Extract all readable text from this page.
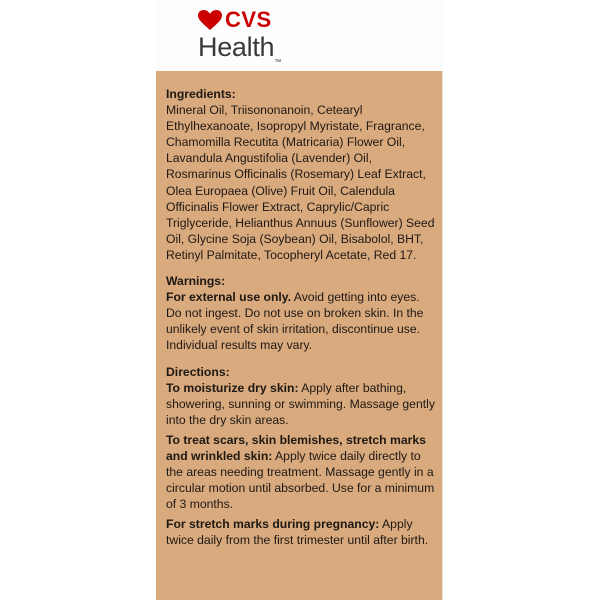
CVS
Health™
Ingredients:
Mineral Oil, Triisononanoin, Cetearyl Ethylhexanoate, Isopropyl Myristate, Fragrance, Chamomilla Recutita (Matricaria) Flower Oil, Lavandula Angustifolia (Lavender) Oil, Rosmarinus Officinalis (Rosemary) Leaf Extract, Olea Europaea (Olive) Fruit Oil, Calendula Officinalis Flower Extract, Caprylic/Capric Triglyceride, Helianthus Annuus (Sunflower) Seed Oil, Glycine Soja (Soybean) Oil, Bisabolol, BHT, Retinyl Palmitate, Tocopheryl Acetate, Red 17.
Warnings:
For external use only. Avoid getting into eyes. Do not ingest. Do not use on broken skin. In the unlikely event of skin irritation, discontinue use. Individual results may vary.
Directions:
To moisturize dry skin: Apply after bathing, showering, sunning or swimming. Massage gently into the dry skin areas.
To treat scars, skin blemishes, stretch marks and wrinkled skin: Apply twice daily directly to the areas needing treatment. Massage gently in a circular motion until absorbed. Use for a minimum of 3 months.
For stretch marks during pregnancy: Apply twice daily from the first trimester until after birth.
